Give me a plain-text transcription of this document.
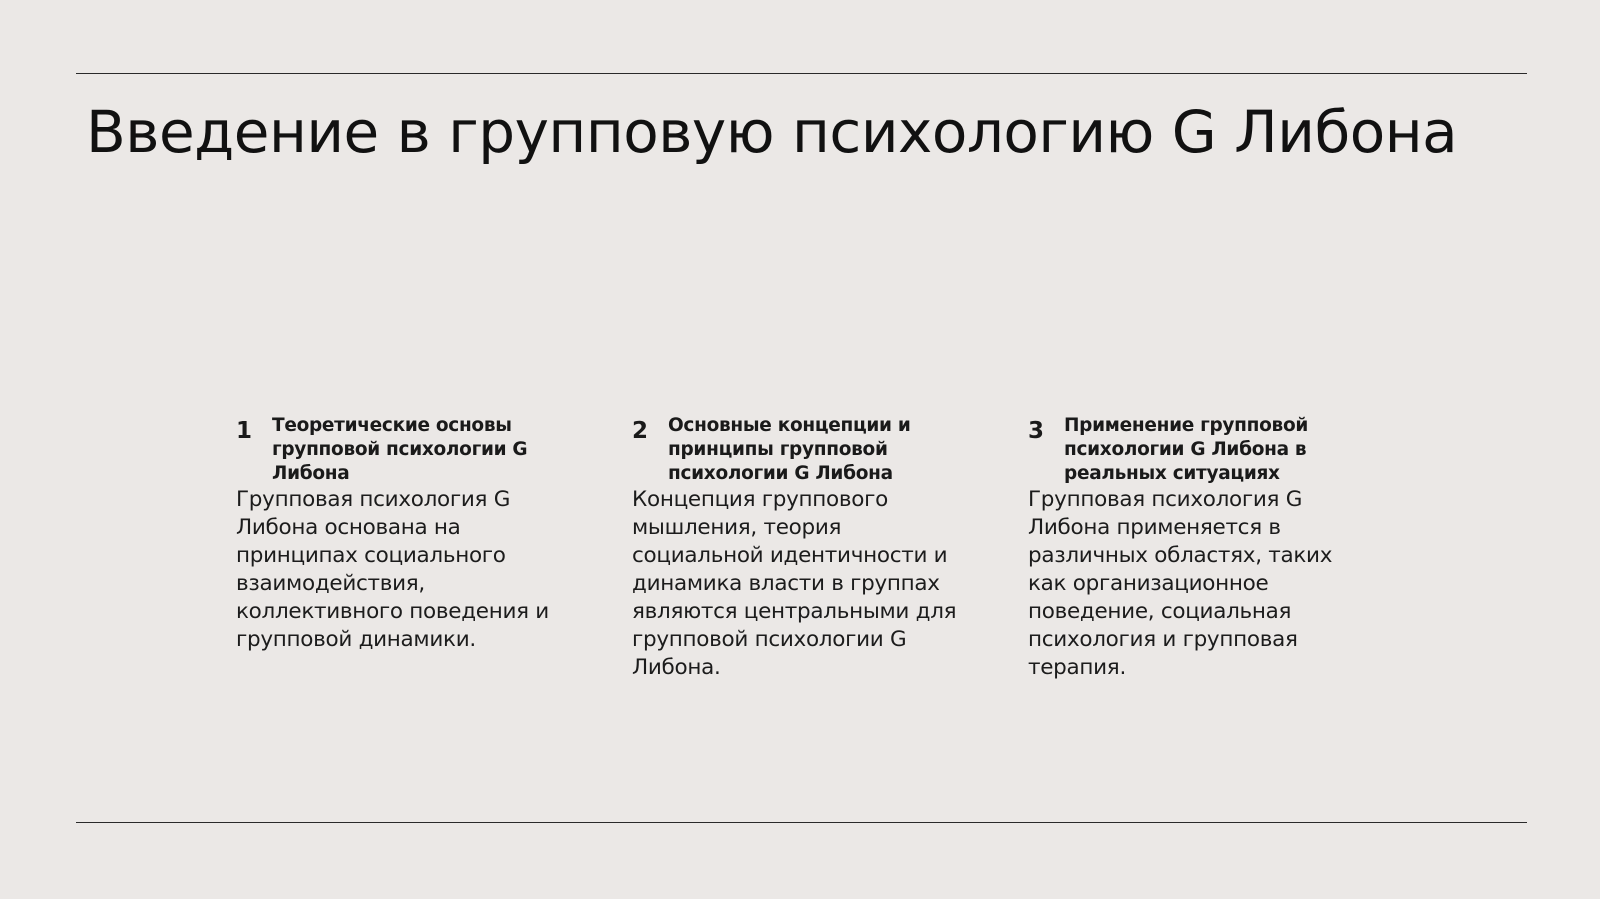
Введение в групповую психологию G Либона
1 Теоретические основы групповой психологии G Либона
Групповая психология G Либона основана на принципах социального взаимодействия, коллективного поведения и групповой динамики.
2 Основные концепции и принципы групповой психологии G Либона
Концепция группового мышления, теория социальной идентичности и динамика власти в группах являются центральными для групповой психологии G Либона.
3 Применение групповой психологии G Либона в реальных ситуациях
Групповая психология G Либона применяется в различных областях, таких как организационное поведение, социальная психология и групповая терапия.
